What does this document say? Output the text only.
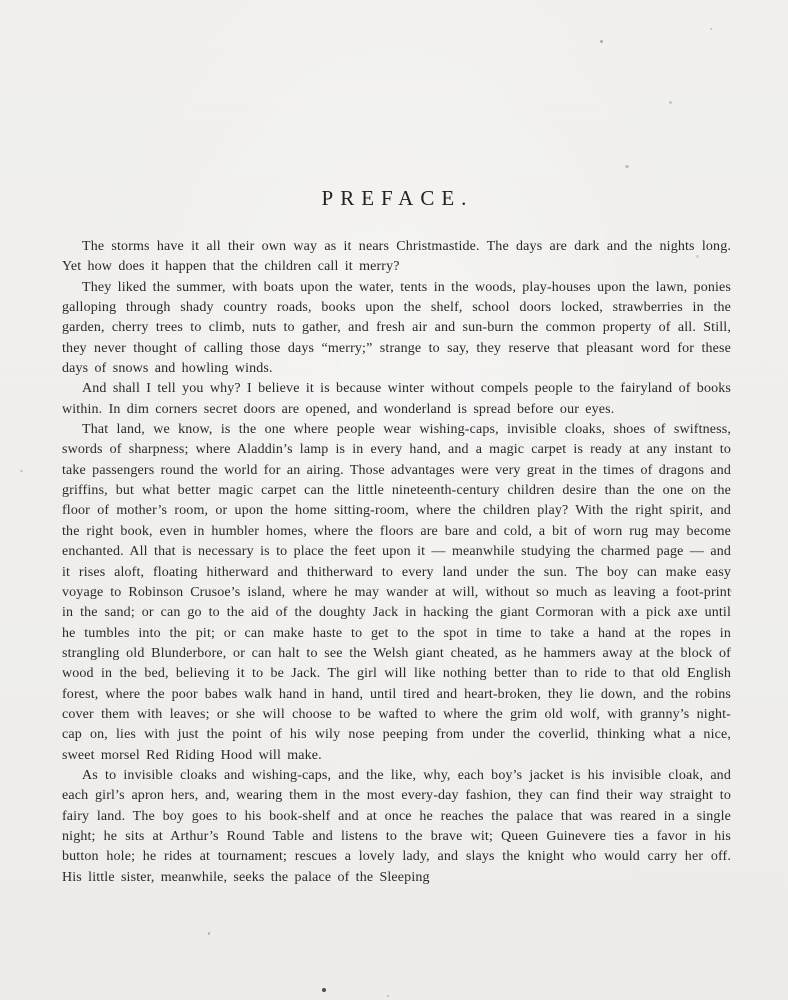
PREFACE.

The storms have it all their own way as it nears Christmastide. The days are dark and the nights long. Yet how does it happen that the children call it merry?

They liked the summer, with boats upon the water, tents in the woods, play-houses upon the lawn, ponies galloping through shady country roads, books upon the shelf, school doors locked, strawberries in the garden, cherry trees to climb, nuts to gather, and fresh air and sun-burn the common property of all. Still, they never thought of calling those days “merry;” strange to say, they reserve that pleasant word for these days of snows and howling winds.

And shall I tell you why? I believe it is because winter without compels people to the fairyland of books within. In dim corners secret doors are opened, and wonderland is spread before our eyes.

That land, we know, is the one where people wear wishing-caps, invisible cloaks, shoes of swiftness, swords of sharpness; where Aladdin’s lamp is in every hand, and a magic carpet is ready at any instant to take passengers round the world for an airing. Those advantages were very great in the times of dragons and griffins, but what better magic carpet can the little nineteenth-century children desire than the one on the floor of mother’s room, or upon the home sitting-room, where the children play? With the right spirit, and the right book, even in humbler homes, where the floors are bare and cold, a bit of worn rug may become enchanted. All that is necessary is to place the feet upon it — meanwhile studying the charmed page — and it rises aloft, floating hitherward and thitherward to every land under the sun. The boy can make easy voyage to Robinson Crusoe’s island, where he may wander at will, without so much as leaving a foot-print in the sand; or can go to the aid of the doughty Jack in hacking the giant Cormoran with a pick axe until he tumbles into the pit; or can make haste to get to the spot in time to take a hand at the ropes in strangling old Blunderbore, or can halt to see the Welsh giant cheated, as he hammers away at the block of wood in the bed, believing it to be Jack. The girl will like nothing better than to ride to that old English forest, where the poor babes walk hand in hand, until tired and heart-broken, they lie down, and the robins cover them with leaves; or she will choose to be wafted to where the grim old wolf, with granny’s night-cap on, lies with just the point of his wily nose peeping from under the coverlid, thinking what a nice, sweet morsel Red Riding Hood will make.

As to invisible cloaks and wishing-caps, and the like, why, each boy’s jacket is his invisible cloak, and each girl’s apron hers, and, wearing them in the most every-day fashion, they can find their way straight to fairy land. The boy goes to his book-shelf and at once he reaches the palace that was reared in a single night; he sits at Arthur’s Round Table and listens to the brave wit; Queen Guinevere ties a favor in his button hole; he rides at tournament; rescues a lovely lady, and slays the knight who would carry her off. His little sister, meanwhile, seeks the palace of the Sleeping
